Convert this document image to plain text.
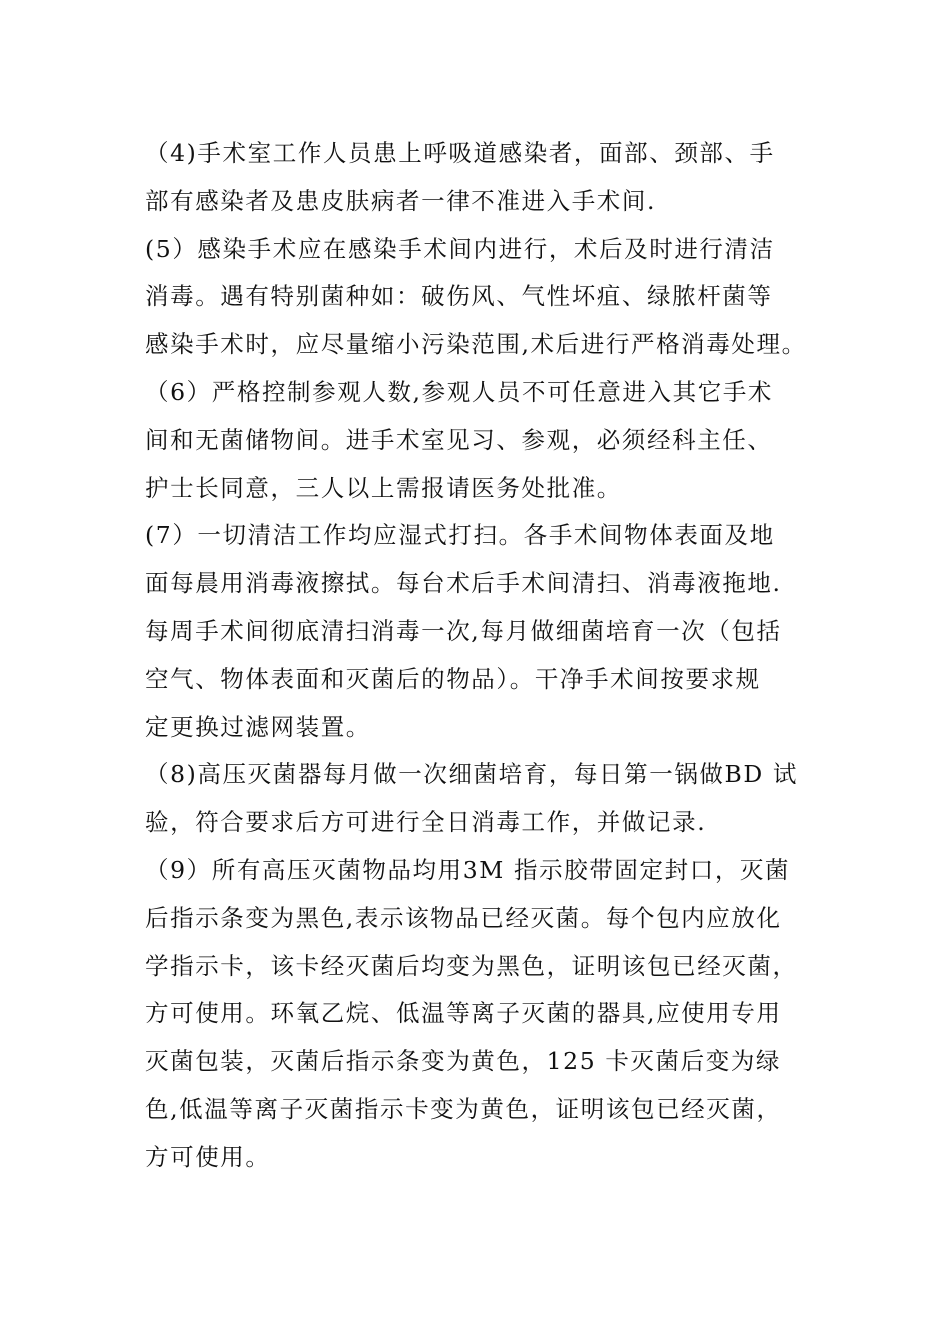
（4)手术室工作人员患上呼吸道感染者，面部、颈部、手
部有感染者及患皮肤病者一律不准进入手术间.
(5）感染手术应在感染手术间内进行，术后及时进行清洁
消毒。遇有特别菌种如：破伤风、气性坏疽、绿脓杆菌等
感染手术时，应尽量缩小污染范围,术后进行严格消毒处理。
（6）严格控制参观人数,参观人员不可任意进入其它手术
间和无菌储物间。进手术室见习、参观，必须经科主任、
护士长同意，三人以上需报请医务处批准。
(7）一切清洁工作均应湿式打扫。各手术间物体表面及地
面每晨用消毒液擦拭。每台术后手术间清扫、消毒液拖地.
每周手术间彻底清扫消毒一次,每月做细菌培育一次（包括
空气、物体表面和灭菌后的物品）。干净手术间按要求规
定更换过滤网装置。
（8)高压灭菌器每月做一次细菌培育，每日第一锅做BD 试
验，符合要求后方可进行全日消毒工作，并做记录.
（9）所有高压灭菌物品均用3M 指示胶带固定封口，灭菌
后指示条变为黑色,表示该物品已经灭菌。每个包内应放化
学指示卡，该卡经灭菌后均变为黑色，证明该包已经灭菌，
方可使用。环氧乙烷、低温等离子灭菌的器具,应使用专用
灭菌包装，灭菌后指示条变为黄色，125 卡灭菌后变为绿
色,低温等离子灭菌指示卡变为黄色，证明该包已经灭菌，
方可使用。
